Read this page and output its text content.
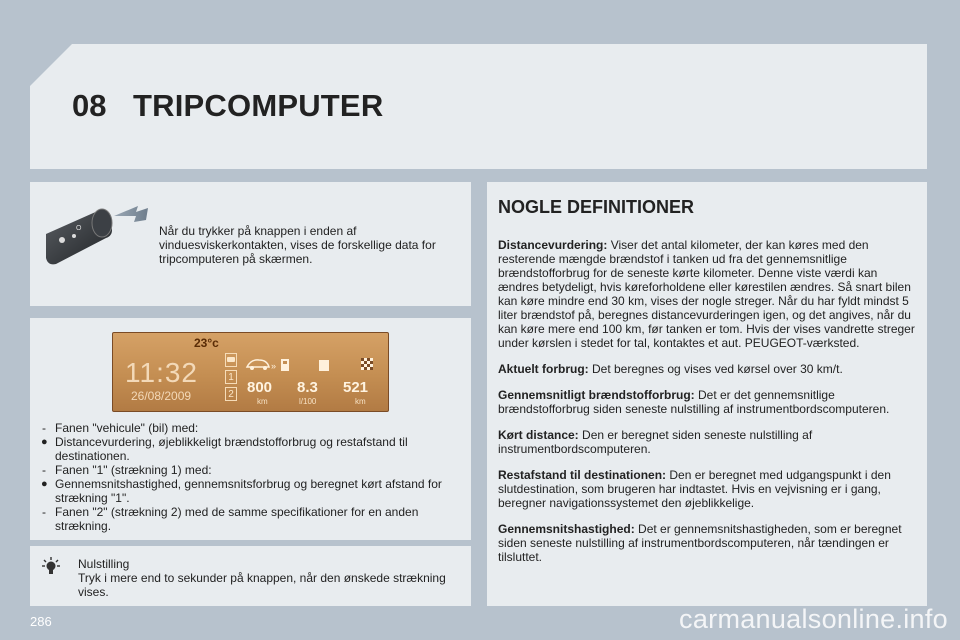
08 TRIPCOMPUTER
O	Når du trykker på knappen i enden af vinduesviskerkontakten, vises de forskellige data for tripcomputeren på skærmen.
23°c
11:32
26/08/2009
1
2
»
800
km
8.3
l/100
521
km
- Fanen "vehicule" (bil) med:
● Distancevurdering, øjeblikkeligt brændstofforbrug og restafstand til destinationen.
- Fanen "1" (strækning 1) med:
● Gennemsnitshastighed, gennemsnitsforbrug og beregnet kørt afstand for strækning "1".
- Fanen "2" (strækning 2) med de samme specifikationer for en anden strækning.
Nulstilling
Tryk i mere end to sekunder på knappen, når den ønskede strækning vises.
NOGLE DEFINITIONER

Distancevurdering: Viser det antal kilometer, der kan køres med den resterende mængde brændstof i tanken ud fra det gennemsnitlige brændstofforbrug for de seneste kørte kilometer. Denne viste værdi kan ændres betydeligt, hvis køreforholdene eller kørestilen ændres. Så snart bilen kan køre mindre end 30 km, vises der nogle streger. Når du har fyldt mindst 5 liter brændstof på, beregnes distancevurderingen igen, og det angives, når du kan køre mere end 100 km, før tanken er tom. Hvis der vises vandrette streger under kørslen i stedet for tal, kontaktes et aut. PEUGEOT-værksted.

Aktuelt forbrug: Det beregnes og vises ved kørsel over 30 km/t.

Gennemsnitligt brændstofforbrug: Det er det gennemsnitlige brændstofforbrug siden seneste nulstilling af instrumentbordscomputeren.

Kørt distance: Den er beregnet siden seneste nulstilling af instrumentbordscomputeren.

Restafstand til destinationen: Den er beregnet med udgangspunkt i den slutdestination, som brugeren har indtastet. Hvis en vejvisning er i gang, beregner navigationssystemet den øjeblikkelige.

Gennemsnitshastighed: Det er gennemsnitshastigheden, som er beregnet siden seneste nulstilling af instrumentbordscomputeren, når tændingen er tilsluttet.

286	carmanualsonline.info
